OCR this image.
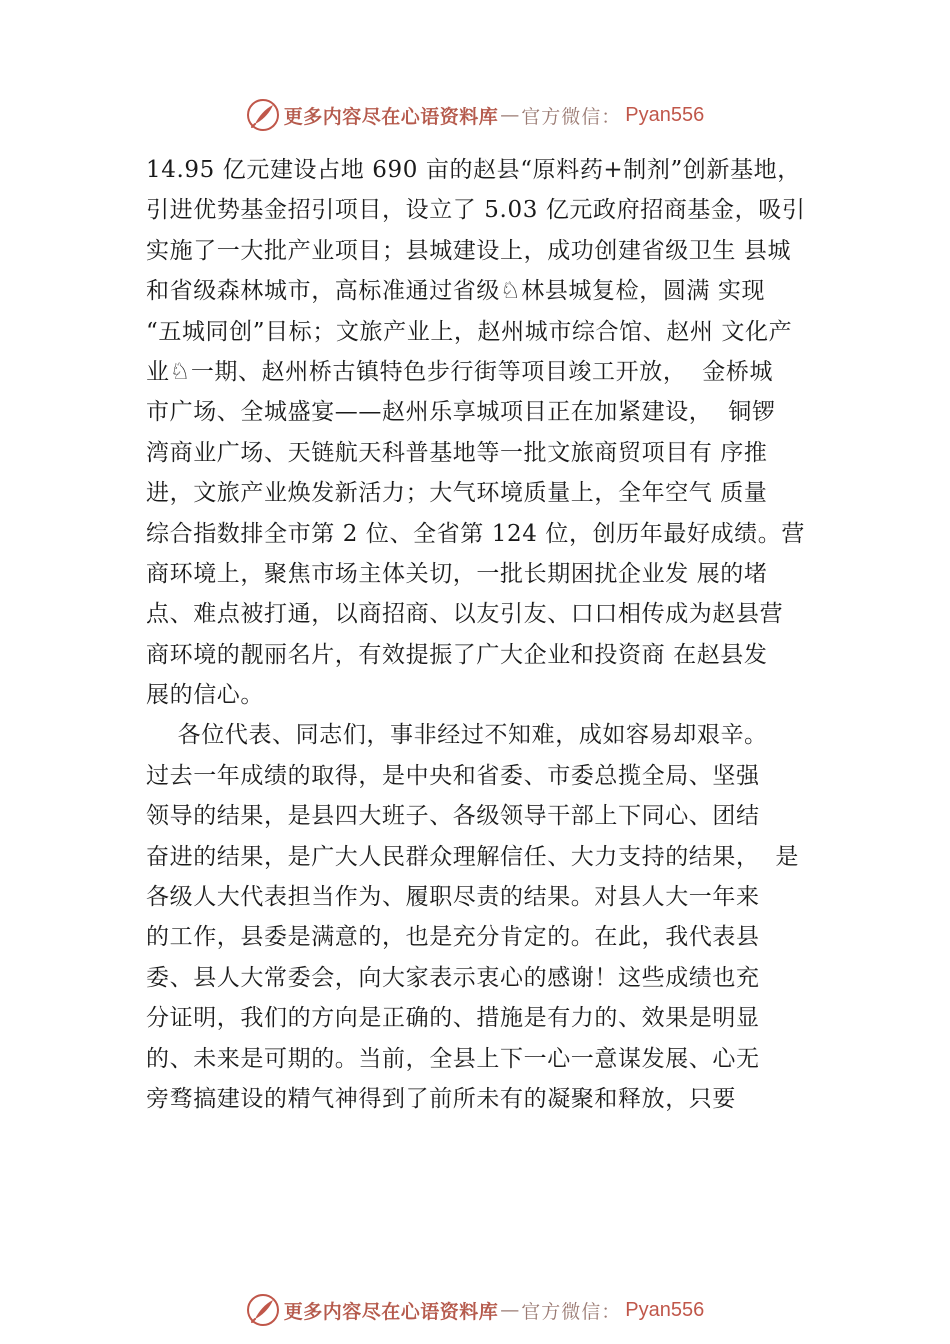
更多内容尽在心语资料库 — 官方微信： Pyan556
14.95 亿元建设占地 690 亩的赵县“原料药+制剂”创新基地，
引进优势基金招引项目，设立了 5.03 亿元政府招商基金，吸引
实施了一大批产业项目；县城建设上，成功创建省级卫生 县城
和省级森林城市，高标准通过省级♘林县城复检，圆满 实现
“五城同创”目标；文旅产业上，赵州城市综合馆、赵州 文化产
业♘一期、赵州桥古镇特色步行街等项目竣工开放，  金桥城
市广场、全城盛宴——赵州乐享城项目正在加紧建设，  铜锣
湾商业广场、天链航天科普基地等一批文旅商贸项目有 序推
进，文旅产业焕发新活力；大气环境质量上，全年空气 质量
综合指数排全市第 2 位、全省第 124 位，创历年最好成绩。营
商环境上，聚焦市场主体关切，一批长期困扰企业发 展的堵
点、难点被打通，以商招商、以友引友、口口相传成为赵县营
商环境的靓丽名片，有效提振了广大企业和投资商 在赵县发
展的信心。
各位代表、同志们，事非经过不知难，成如容易却艰辛。
过去一年成绩的取得，是中央和省委、市委总揽全局、坚强
领导的结果，是县四大班子、各级领导干部上下同心、团结
奋进的结果，是广大人民群众理解信任、大力支持的结果，  是
各级人大代表担当作为、履职尽责的结果。对县人大一年来
的工作，县委是满意的，也是充分肯定的。在此，我代表县
委、县人大常委会，向大家表示衷心的感谢！这些成绩也充
分证明，我们的方向是正确的、措施是有力的、效果是明显
的、未来是可期的。当前，全县上下一心一意谋发展、心无
旁骛搞建设的精气神得到了前所未有的凝聚和释放，只要
更多内容尽在心语资料库 — 官方微信： Pyan556
